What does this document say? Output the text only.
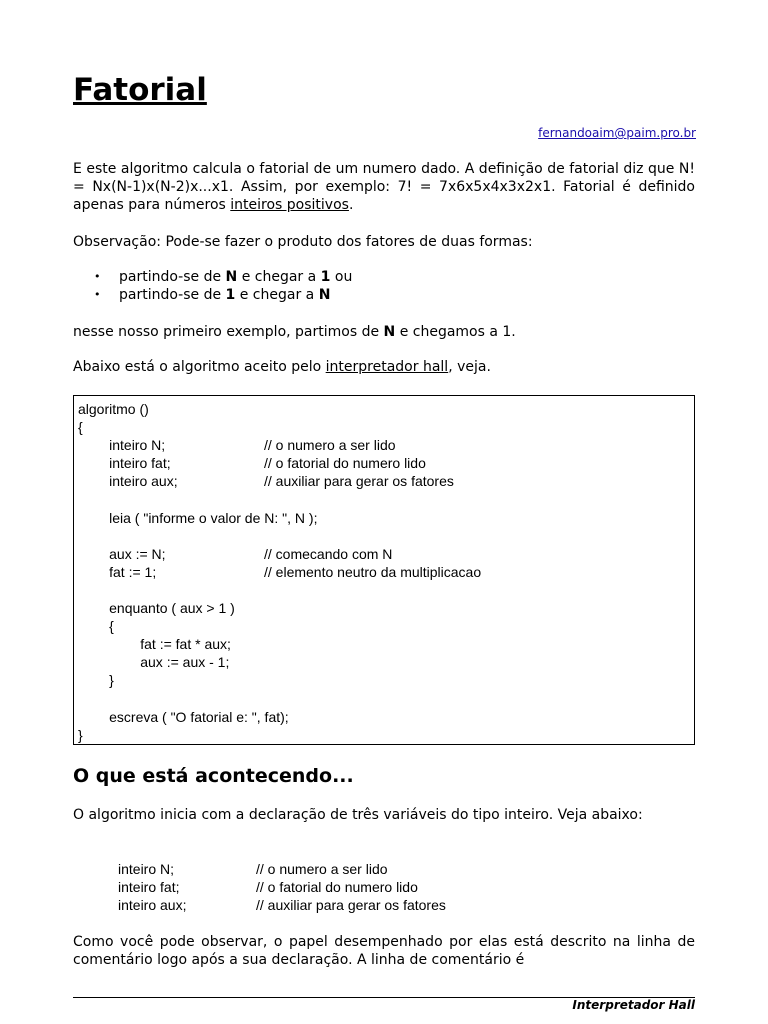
Fatorial
fernandoaim@paim.pro.br

E este algoritmo calcula o fatorial de um numero dado. A definição de fatorial diz que N! = Nx(N-1)x(N-2)x...x1. Assim, por exemplo: 7! = 7x6x5x4x3x2x1. Fatorial é definido apenas para números inteiros positivos.

Observação: Pode-se fazer o produto dos fatores de duas formas:

• partindo-se de N e chegar a 1 ou
• partindo-se de 1 e chegar a N

nesse nosso primeiro exemplo, partimos de N e chegamos a 1.

Abaixo está o algoritmo aceito pelo interpretador hall, veja.

algoritmo ()
{
inteiro N;	// o numero a ser lido
inteiro fat;	// o fatorial do numero lido
inteiro aux;	// auxiliar para gerar os fatores
leia ( "informe o valor de N: ", N );
aux := N;	// comecando com N
fat := 1;	// elemento neutro da multiplicacao
enquanto ( aux > 1 )
{
fat := fat * aux;
aux := aux - 1;
}
escreva ( "O fatorial e: ", fat);
}
O que está acontecendo...

O algoritmo inicia com a declaração de três variáveis do tipo inteiro. Veja abaixo:

inteiro N;	// o numero a ser lido
inteiro fat;	// o fatorial do numero lido
inteiro aux;	// auxiliar para gerar os fatores

Como você pode observar, o papel desempenhado por elas está descrito na linha de comentário logo após a sua declaração. A linha de comentário é

Interpretador Hall
